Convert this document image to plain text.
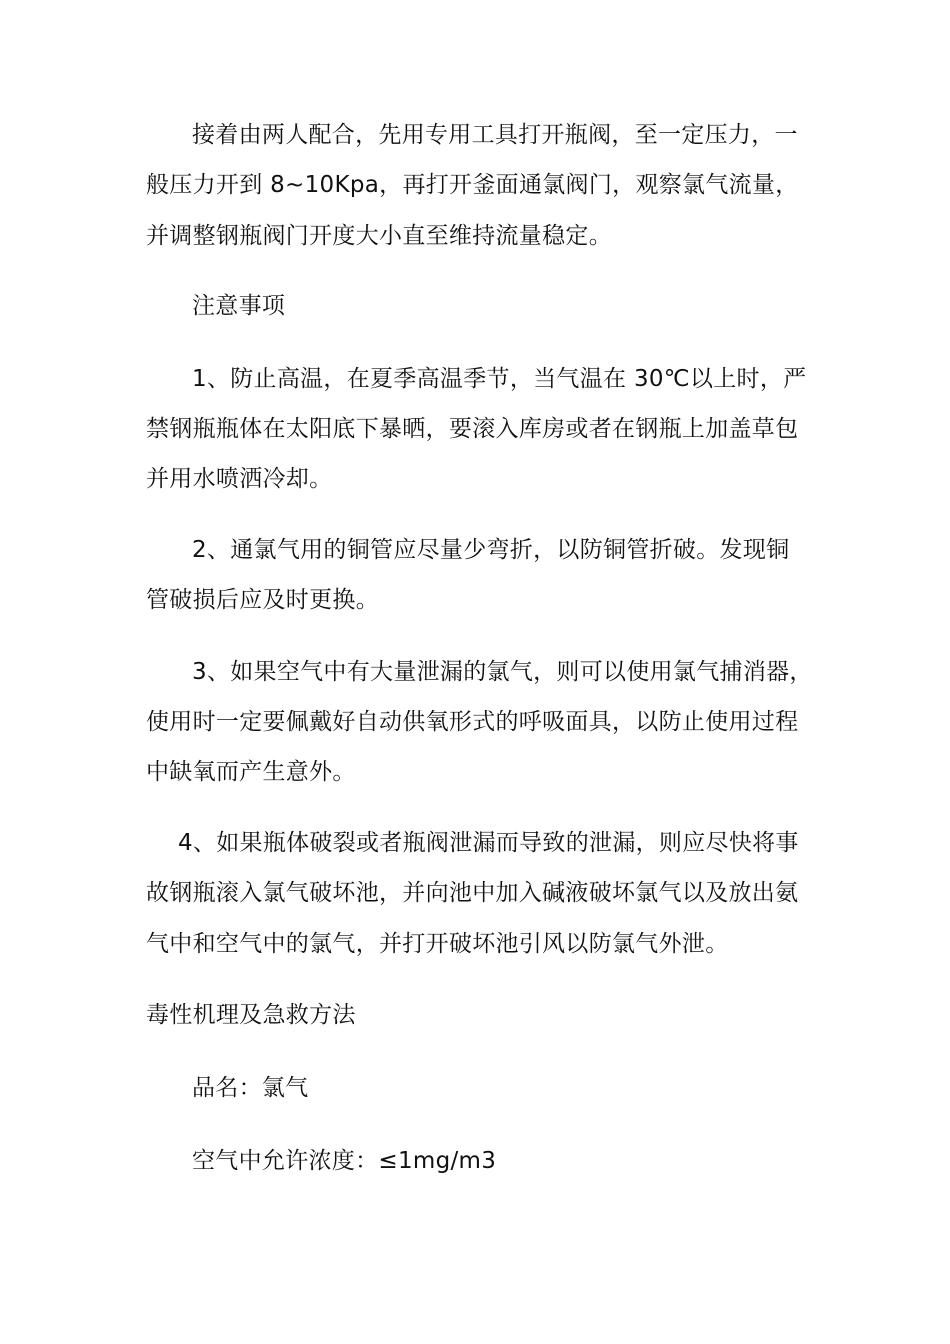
接着由两人配合，先用专用工具打开瓶阀，至一定压力，一
般压力开到 8~10Kpa，再打开釜面通氯阀门，观察氯气流量，
并调整钢瓶阀门开度大小直至维持流量稳定。
注意事项
1、防止高温，在夏季高温季节，当气温在 30℃以上时，严
禁钢瓶瓶体在太阳底下暴晒，要滚入库房或者在钢瓶上加盖草包
并用水喷洒冷却。
2、通氯气用的铜管应尽量少弯折，以防铜管折破。发现铜
管破损后应及时更换。
3、如果空气中有大量泄漏的氯气，则可以使用氯气捕消器，
使用时一定要佩戴好自动供氧形式的呼吸面具，以防止使用过程
中缺氧而产生意外。
4、如果瓶体破裂或者瓶阀泄漏而导致的泄漏，则应尽快将事
故钢瓶滚入氯气破坏池，并向池中加入碱液破坏氯气以及放出氨
气中和空气中的氯气，并打开破坏池引风以防氯气外泄。
毒性机理及急救方法
品名：氯气
空气中允许浓度：≤1mg/m3
